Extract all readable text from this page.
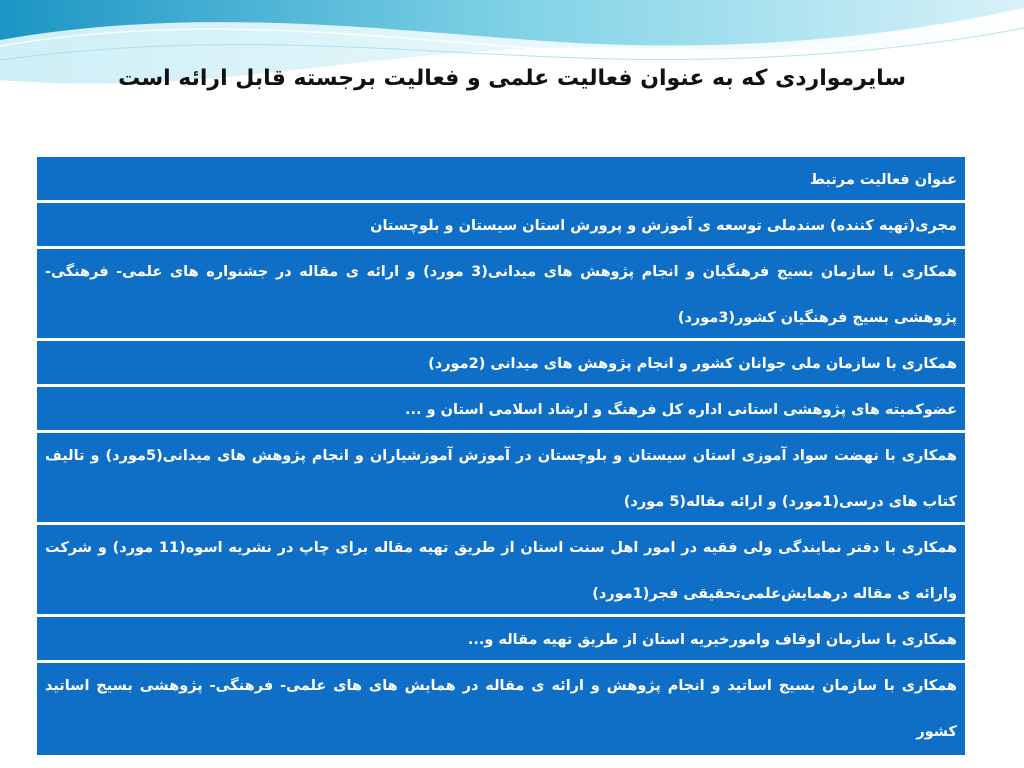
سایرمواردی که به عنوان فعالیت علمی و فعالیت برجسته قابل ارائه است
عنوان فعالیت مرتبط
مجری(تهیه کننده) سندملی توسعه ی آموزش و پرورش استان سیستان و بلوچستان
همکاری با سازمان بسیج فرهنگیان و انجام پژوهش های میدانی(3 مورد) و ارائه ی مقاله در جشنواره های علمی- فرهنگی- پژوهشی بسیج فرهنگیان کشور(3مورد)
همکاری با سازمان ملی جوانان کشور و انجام پژوهش های میدانی (2مورد)
عضوکمیته های پژوهشی استانی اداره کل فرهنگ و ارشاد اسلامی استان و ...
همکاری با نهضت سواد آموزی استان سیستان و بلوچستان در آموزش آموزشیاران و انجام پژوهش های میدانی(5مورد) و تالیف کتاب های درسی(1مورد) و ارائه مقاله(5 مورد)
همکاری با دفتر نمایندگی ولی فقیه در امور اهل سنت استان از طریق تهیه مقاله برای چاپ در نشریه اسوه(11 مورد) و شرکت وارائه ی مقاله درهمایش‌علمی‌تحقیقی فجر(1مورد)
همکاری با سازمان اوقاف وامورخیریه استان از طریق تهیه مقاله و...
همکاری با سازمان بسیج اساتید و انجام پژوهش و ارائه ی مقاله در همایش های های علمی- فرهنگی- پژوهشی بسیج اساتید کشور
